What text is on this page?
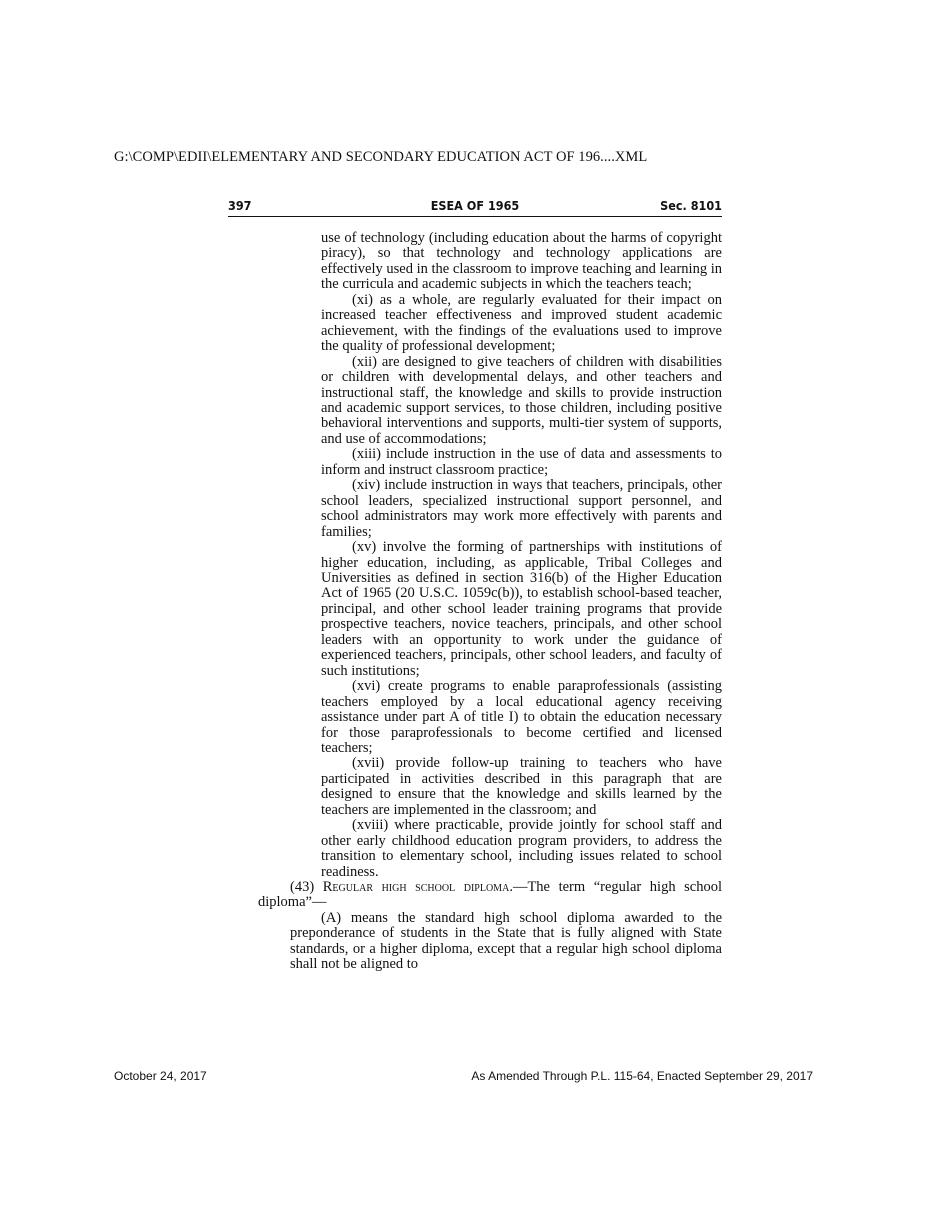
G:\COMP\EDII\ELEMENTARY AND SECONDARY EDUCATION ACT OF 196....XML
397	ESEA OF 1965	Sec. 8101

use of technology (including education about the harms of copyright piracy), so that technology and technology applications are effectively used in the classroom to improve teaching and learning in the curricula and academic subjects in which the teachers teach;

(xi) as a whole, are regularly evaluated for their impact on increased teacher effectiveness and improved student academic achievement, with the findings of the evaluations used to improve the quality of professional development;

(xii) are designed to give teachers of children with disabilities or children with developmental delays, and other teachers and instructional staff, the knowledge and skills to provide instruction and academic support services, to those children, including positive behavioral interventions and supports, multi-tier system of supports, and use of accommodations;

(xiii) include instruction in the use of data and assessments to inform and instruct classroom practice;

(xiv) include instruction in ways that teachers, principals, other school leaders, specialized instructional support personnel, and school administrators may work more effectively with parents and families;

(xv) involve the forming of partnerships with institutions of higher education, including, as applicable, Tribal Colleges and Universities as defined in section 316(b) of the Higher Education Act of 1965 (20 U.S.C. 1059c(b)), to establish school-based teacher, principal, and other school leader training programs that provide prospective teachers, novice teachers, principals, and other school leaders with an opportunity to work under the guidance of experienced teachers, principals, other school leaders, and faculty of such institutions;

(xvi) create programs to enable paraprofessionals (assisting teachers employed by a local educational agency receiving assistance under part A of title I) to obtain the education necessary for those paraprofessionals to become certified and licensed teachers;

(xvii) provide follow-up training to teachers who have participated in activities described in this paragraph that are designed to ensure that the knowledge and skills learned by the teachers are implemented in the classroom; and

(xviii) where practicable, provide jointly for school staff and other early childhood education program providers, to address the transition to elementary school, including issues related to school readiness.

(43) Regular high school diploma.—The term “regular high school diploma”—

(A) means the standard high school diploma awarded to the preponderance of students in the State that is fully aligned with State standards, or a higher diploma, except that a regular high school diploma shall not be aligned to

October 24, 2017	As Amended Through P.L. 115-64, Enacted September 29, 2017
